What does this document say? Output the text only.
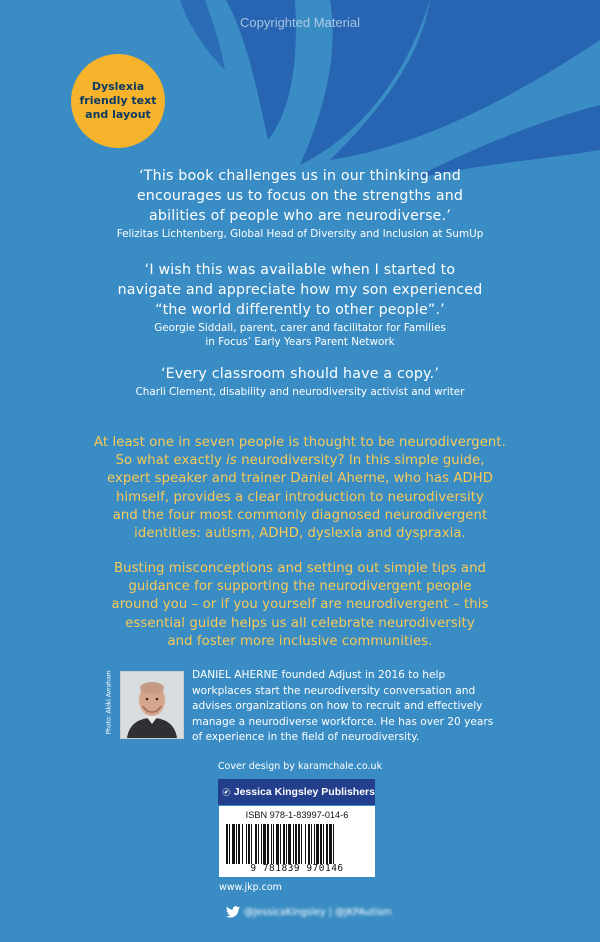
Copyrighted Material
Dyslexia friendly text and layout
‘This book challenges us in our thinking and
encourages us to focus on the strengths and
abilities of people who are neurodiverse.’
Felizitas Lichtenberg, Global Head of Diversity and Inclusion at SumUp
‘I wish this was available when I started to
navigate and appreciate how my son experienced
“the world differently to other people”.’
Georgie Siddall, parent, carer and facilitator for Families
in Focus’ Early Years Parent Network
‘Every classroom should have a copy.’
Charli Clement, disability and neurodiversity activist and writer
At least one in seven people is thought to be neurodivergent.
So what exactly is neurodiversity? In this simple guide,
expert speaker and trainer Daniel Aherne, who has ADHD
himself, provides a clear introduction to neurodiversity
and the four most commonly diagnosed neurodivergent
identities: autism, ADHD, dyslexia and dyspraxia.
Busting misconceptions and setting out simple tips and
guidance for supporting the neurodivergent people
around you – or if you yourself are neurodivergent – this
essential guide helps us all celebrate neurodiversity
and foster more inclusive communities.
Photo: Akiki Avraham	DANIEL AHERNE founded Adjust in 2016 to help
workplaces start the neurodiversity conversation and
advises organizations on how to recruit and effectively
manage a neurodiverse workforce. He has over 20 years
of experience in the field of neurodiversity.
Cover design by karamchale.co.uk
Jessica Kingsley Publishers
ISBN 978-1-83997-014-6
9 781839 970146
www.jkp.com
@JessicaKingsley | @JKPAutism
